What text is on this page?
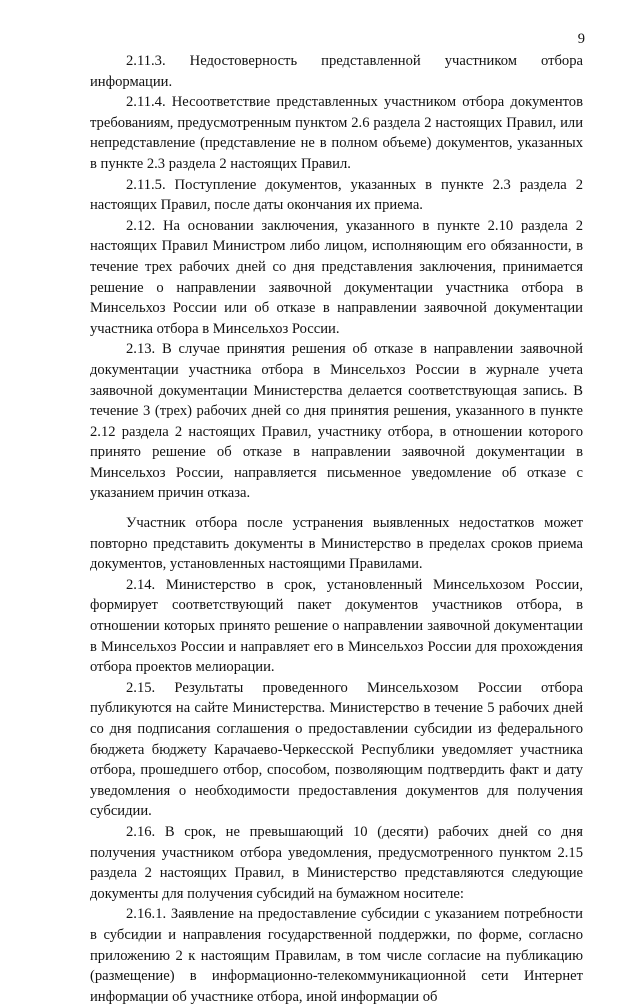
9

2.11.3. Недостоверность представленной участником отбора информации.

2.11.4. Несоответствие представленных участником отбора документов требованиям, предусмотренным пунктом 2.6 раздела 2 настоящих Правил, или непредставление (представление не в полном объеме) документов, указанных в пункте 2.3 раздела 2 настоящих Правил.

2.11.5. Поступление документов, указанных в пункте 2.3 раздела 2 настоящих Правил, после даты окончания их приема.

2.12. На основании заключения, указанного в пункте 2.10 раздела 2 настоящих Правил Министром либо лицом, исполняющим его обязанности, в течение трех рабочих дней со дня представления заключения, принимается решение о направлении заявочной документации участника отбора в Минсельхоз России или об отказе в направлении заявочной документации участника отбора в Минсельхоз России.

2.13. В случае принятия решения об отказе в направлении заявочной документации участника отбора в Минсельхоз России в журнале учета заявочной документации Министерства делается соответствующая запись. В течение 3 (трех) рабочих дней со дня принятия решения, указанного в пункте 2.12 раздела 2 настоящих Правил, участнику отбора, в отношении которого принято решение об отказе в направлении заявочной документации в Минсельхоз России, направляется письменное уведомление об отказе с указанием причин отказа.

Участник отбора после устранения выявленных недостатков может повторно представить документы в Министерство в пределах сроков приема документов, установленных настоящими Правилами.

2.14. Министерство в срок, установленный Минсельхозом России, формирует соответствующий пакет документов участников отбора, в отношении которых принято решение о направлении заявочной документации в Минсельхоз России и направляет его в Минсельхоз России для прохождения отбора проектов мелиорации.

2.15. Результаты проведенного Минсельхозом России отбора публикуются на сайте Министерства. Министерство в течение 5 рабочих дней со дня подписания соглашения о предоставлении субсидии из федерального бюджета бюджету Карачаево-Черкесской Республики уведомляет участника отбора, прошедшего отбор, способом, позволяющим подтвердить факт и дату уведомления о необходимости предоставления документов для получения субсидии.

2.16. В срок, не превышающий 10 (десяти) рабочих дней со дня получения участником отбора уведомления, предусмотренного пунктом 2.15 раздела 2 настоящих Правил, в Министерство представляются следующие документы для получения субсидий на бумажном носителе:

2.16.1. Заявление на предоставление субсидии с указанием потребности в субсидии и направления государственной поддержки, по форме, согласно приложению 2 к настоящим Правилам, в том числе согласие на публикацию (размещение) в информационно-телекоммуникационной сети Интернет информации об участнике отбора, иной информации об
